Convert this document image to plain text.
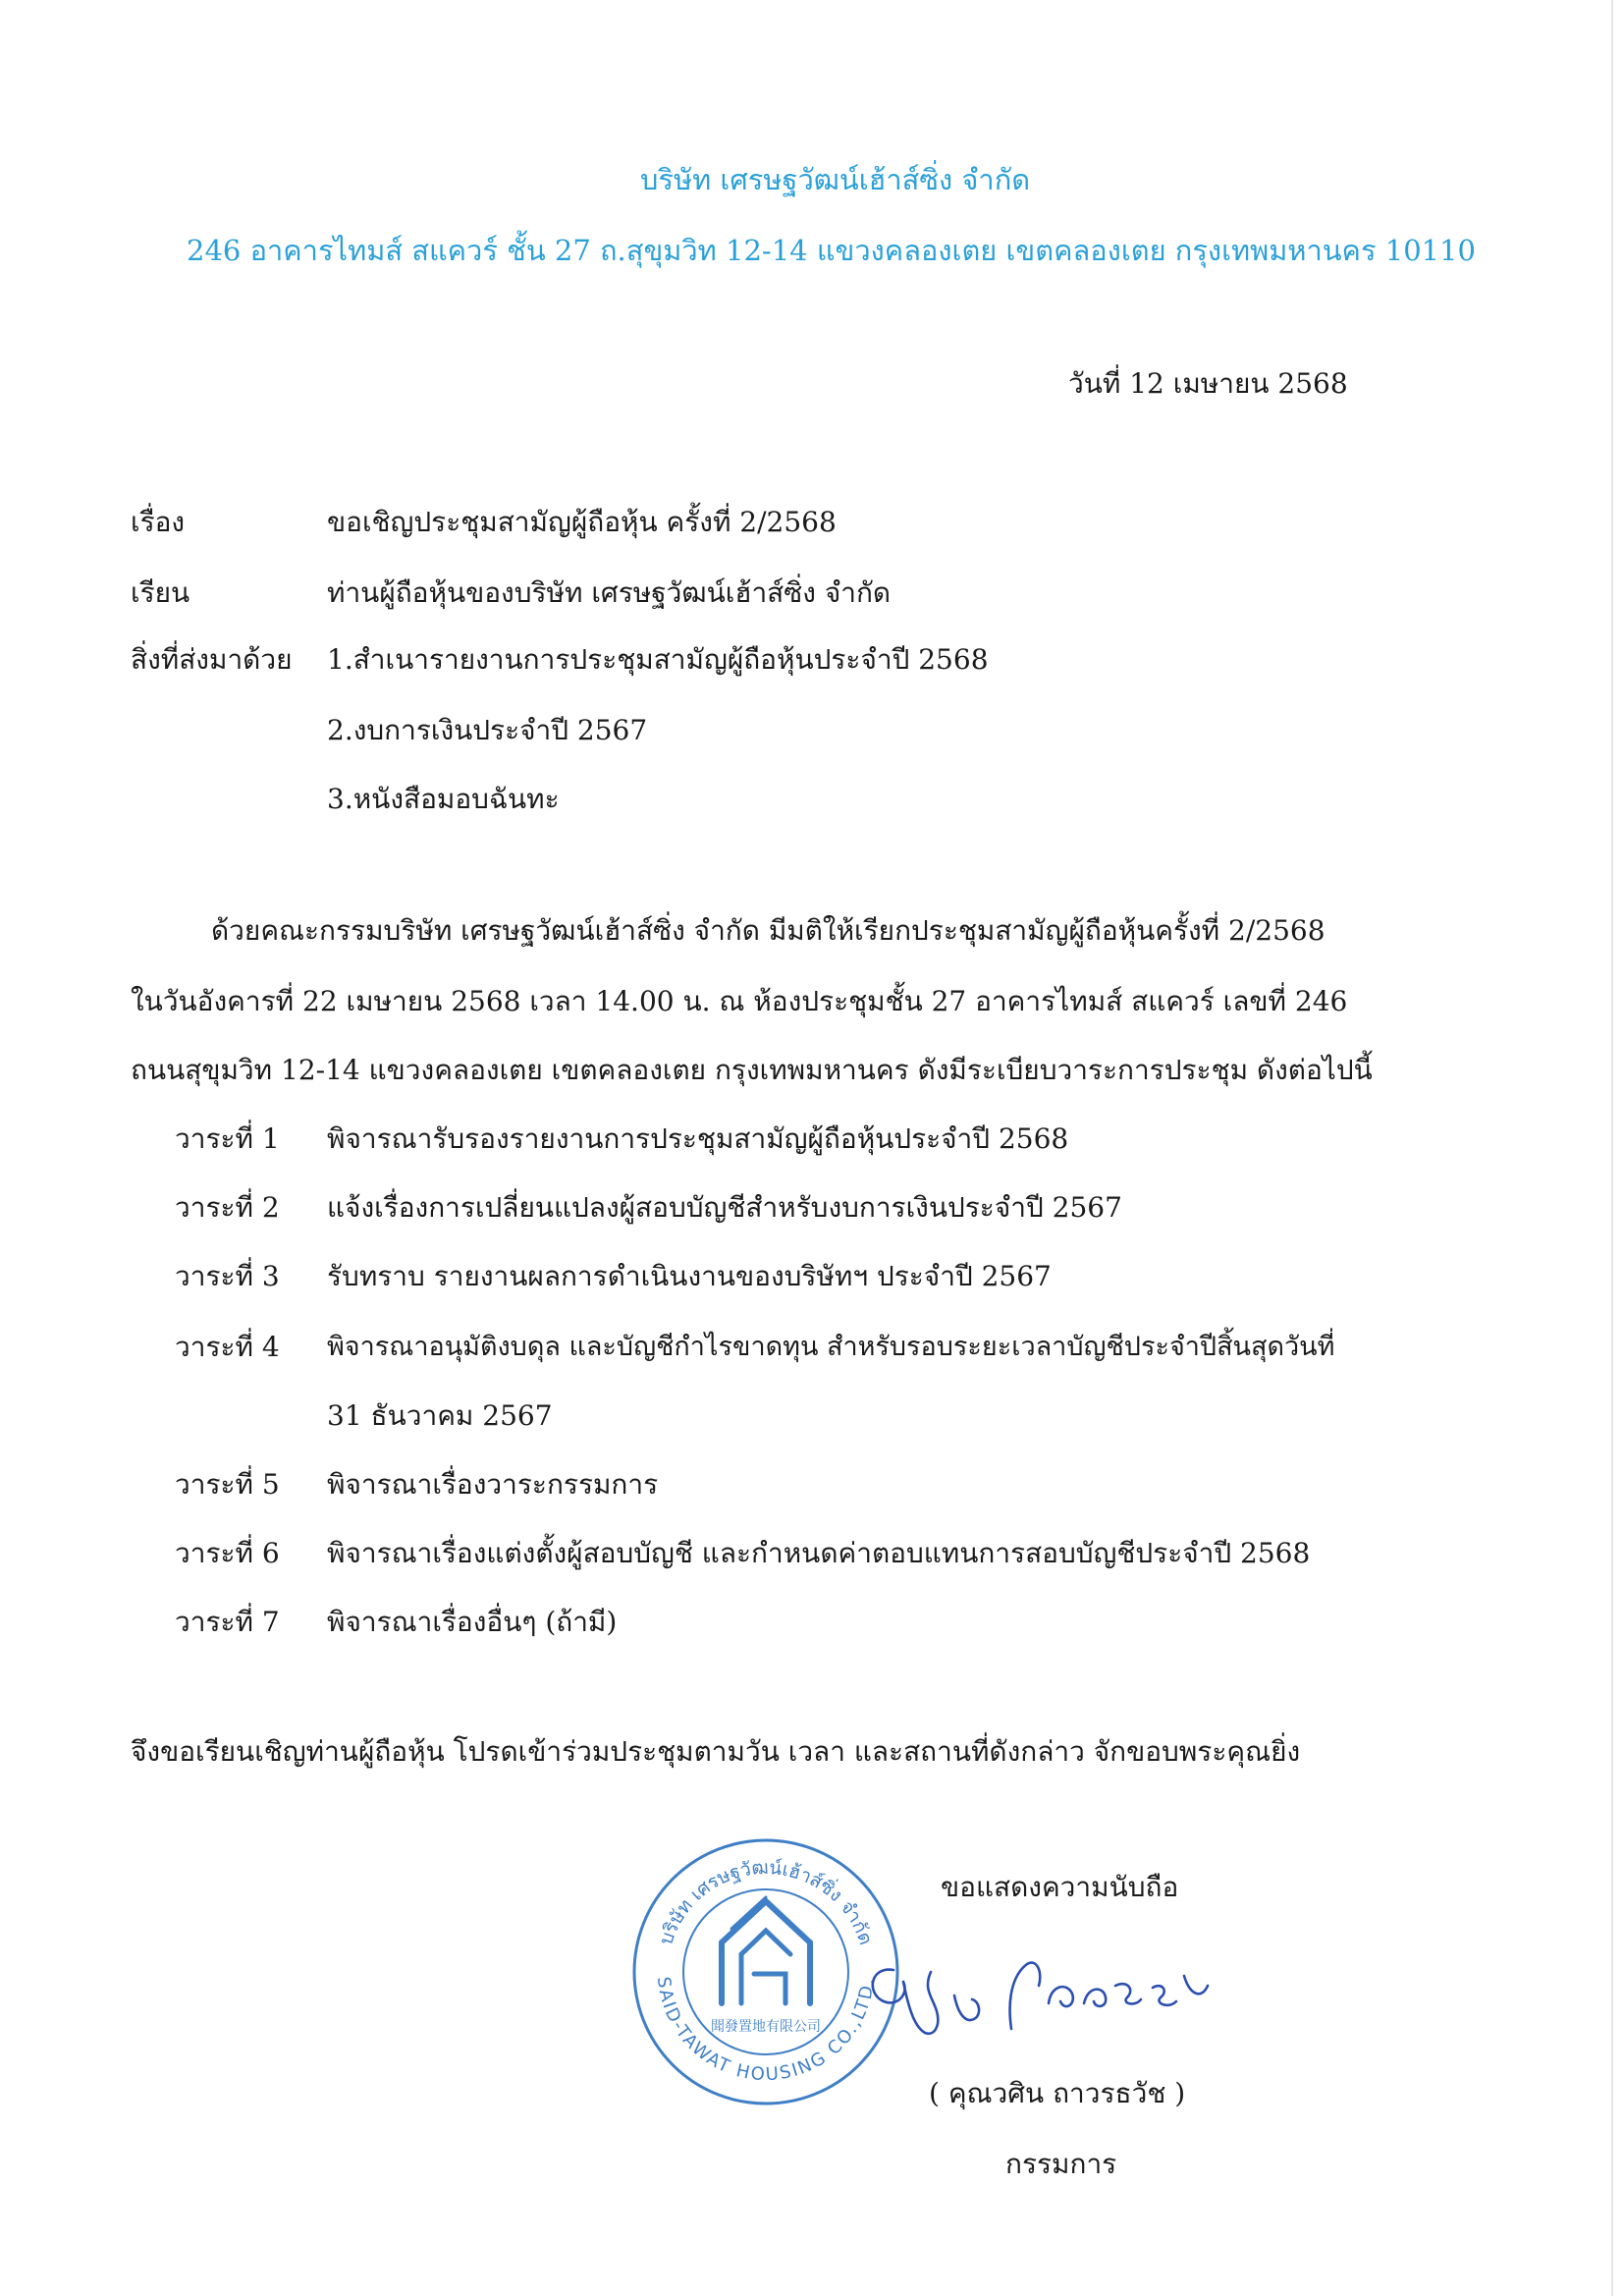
บริษัท เศรษฐวัฒน์เฮ้าส์ซิ่ง จำกัด
246 อาคารไทมส์ สแควร์ ชั้น 27 ถ.สุขุมวิท 12-14 แขวงคลองเตย เขตคลองเตย กรุงเทพมหานคร 10110
วันที่ 12 เมษายน 2568
เรื่อง	ขอเชิญประชุมสามัญผู้ถือหุ้น ครั้งที่ 2/2568
เรียน	ท่านผู้ถือหุ้นของบริษัท เศรษฐวัฒน์เฮ้าส์ซิ่ง จำกัด
สิ่งที่ส่งมาด้วย 1.สำเนารายงานการประชุมสามัญผู้ถือหุ้นประจำปี 2568
2.งบการเงินประจำปี 2567
3.หนังสือมอบฉันทะ
ด้วยคณะกรรมบริษัท เศรษฐวัฒน์เฮ้าส์ซิ่ง จำกัด มีมติให้เรียกประชุมสามัญผู้ถือหุ้นครั้งที่ 2/2568
ในวันอังคารที่ 22 เมษายน 2568 เวลา 14.00 น. ณ ห้องประชุมชั้น 27 อาคารไทมส์ สแควร์ เลขที่ 246
ถนนสุขุมวิท 12-14 แขวงคลองเตย เขตคลองเตย กรุงเทพมหานคร ดังมีระเบียบวาระการประชุม ดังต่อไปนี้
วาระที่ 1 พิจารณารับรองรายงานการประชุมสามัญผู้ถือหุ้นประจำปี 2568
วาระที่ 2 แจ้งเรื่องการเปลี่ยนแปลงผู้สอบบัญชีสำหรับงบการเงินประจำปี 2567
วาระที่ 3 รับทราบ รายงานผลการดำเนินงานของบริษัทฯ ประจำปี 2567
วาระที่ 4 พิจารณาอนุมัติงบดุล และบัญชีกำไรขาดทุน สำหรับรอบระยะเวลาบัญชีประจำปีสิ้นสุดวันที่
31 ธันวาคม 2567
วาระที่ 5 พิจารณาเรื่องวาระกรรมการ
วาระที่ 6 พิจารณาเรื่องแต่งตั้งผู้สอบบัญชี และกำหนดค่าตอบแทนการสอบบัญชีประจำปี 2568
วาระที่ 7 พิจารณาเรื่องอื่นๆ (ถ้ามี)
จึงขอเรียนเชิญท่านผู้ถือหุ้น โปรดเข้าร่วมประชุมตามวัน เวลา และสถานที่ดังกล่าว จักขอบพระคุณยิ่ง
ขอแสดงความนับถือ
บริษัท เศรษฐวัฒน์เฮ้าส์ซิ่ง จำกัด
SAID-TAWAT HOUSING CO.,LTD.
聞發置地有限公司
( คุณวศิน ถาวรธวัช )
กรรมการ
